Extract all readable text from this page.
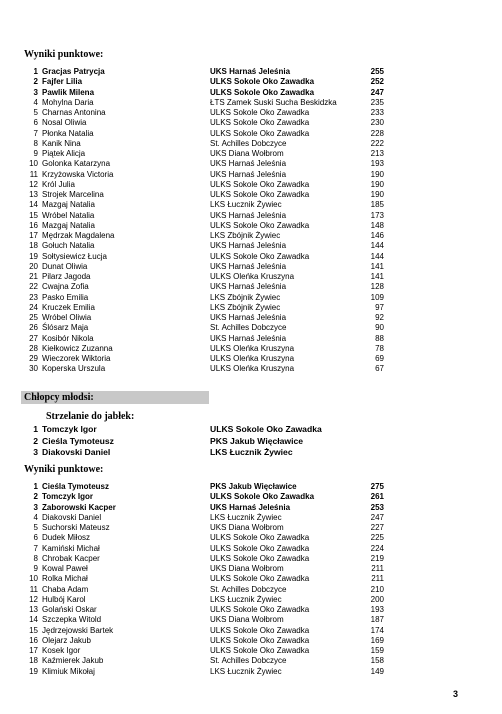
Wyniki punktowe:
1 Gracjas Patrycja	UKS Harnaś Jeleśnia	255
2 Fajfer Lilia	ULKS Sokole Oko Zawadka	252
3 Pawlik Milena	ULKS Sokole Oko Zawadka	247
4 Mohylna Daria	ŁTS Zamek Suski Sucha Beskidzka	235
5 Charnas Antonina	ULKS Sokole Oko Zawadka	233
6 Nosal Oliwia	ULKS Sokole Oko Zawadka	230
7 Płonka Natalia	ULKS Sokole Oko Zawadka	228
8 Kanik Nina	St. Achilles Dobczyce	222
9 Piątek Alicja	UKS Diana Wołbrom	213
10 Golonka Katarzyna	UKS Harnaś Jeleśnia	193
11 Krzyżowska Victoria	UKS Harnaś Jeleśnia	190
12 Król Julia	ULKS Sokole Oko Zawadka	190
13 Strojek Marcelina	ULKS Sokole Oko Zawadka	190
14 Mazgaj Natalia	LKS Łucznik Żywiec	185
15 Wróbel Natalia	UKS Harnaś Jeleśnia	173
16 Mazgaj Natalia	ULKS Sokole Oko Zawadka	148
17 Mędrzak Magdalena	LKS Zbójnik Żywiec	146
18 Gołuch Natalia	UKS Harnaś Jeleśnia	144
19 Sołtysiewicz Łucja	ULKS Sokole Oko Zawadka	144
20 Dunat Oliwia	UKS Harnaś Jeleśnia	141
21 Pilarz Jagoda	ULKS Oleńka Kruszyna	141
22 Cwajna Zofia	UKS Harnaś Jeleśnia	128
23 Pasko Emilia	LKS Zbójnik Żywiec	109
24 Kruczek Emilia	LKS Zbójnik Żywiec	97
25 Wróbel Oliwia	UKS Harnaś Jeleśnia	92
26 Ślósarz Maja	St. Achilles Dobczyce	90
27 Kosibór Nikola	UKS Harnaś Jeleśnia	88
28 Kiełkowicz Zuzanna	ULKS Oleńka Kruszyna	78
29 Wieczorek Wiktoria	ULKS Oleńka Kruszyna	69
30 Koperska Urszula	ULKS Oleńka Kruszyna	67
Chłopcy młodsi:
Strzelanie do jabłek:
1 Tomczyk Igor	ULKS Sokole Oko Zawadka
2 Cieśla Tymoteusz	PKS Jakub Więcławice
3 Diakovski Daniel	LKS Łucznik Żywiec
Wyniki punktowe:
1 Cieśla Tymoteusz	PKS Jakub Więcławice	275
2 Tomczyk Igor	ULKS Sokole Oko Zawadka	261
3 Zaborowski Kacper	UKS Harnaś Jeleśnia	253
4 Diakovski Daniel	LKS Łucznik Żywiec	247
5 Suchorski Mateusz	UKS Diana Wołbrom	227
6 Dudek Miłosz	ULKS Sokole Oko Zawadka	225
7 Kamiński Michał	ULKS Sokole Oko Zawadka	224
8 Chrobak Kacper	ULKS Sokole Oko Zawadka	219
9 Kowal Paweł	UKS Diana Wołbrom	211
10 Rolka Michał	ULKS Sokole Oko Zawadka	211
11 Chaba Adam	St. Achilles Dobczyce	210
12 Hulbój Karol	LKS Łucznik Żywiec	200
13 Golański Oskar	ULKS Sokole Oko Zawadka	193
14 Szczepka Witold	UKS Diana Wołbrom	187
15 Jędrzejowski Bartek	ULKS Sokole Oko Zawadka	174
16 Olejarz Jakub	ULKS Sokole Oko Zawadka	169
17 Kosek Igor	ULKS Sokole Oko Zawadka	159
18 Kaźmierek Jakub	St. Achilles Dobczyce	158
19 Klimiuk Mikołaj	LKS Łucznik Żywiec	149
3
